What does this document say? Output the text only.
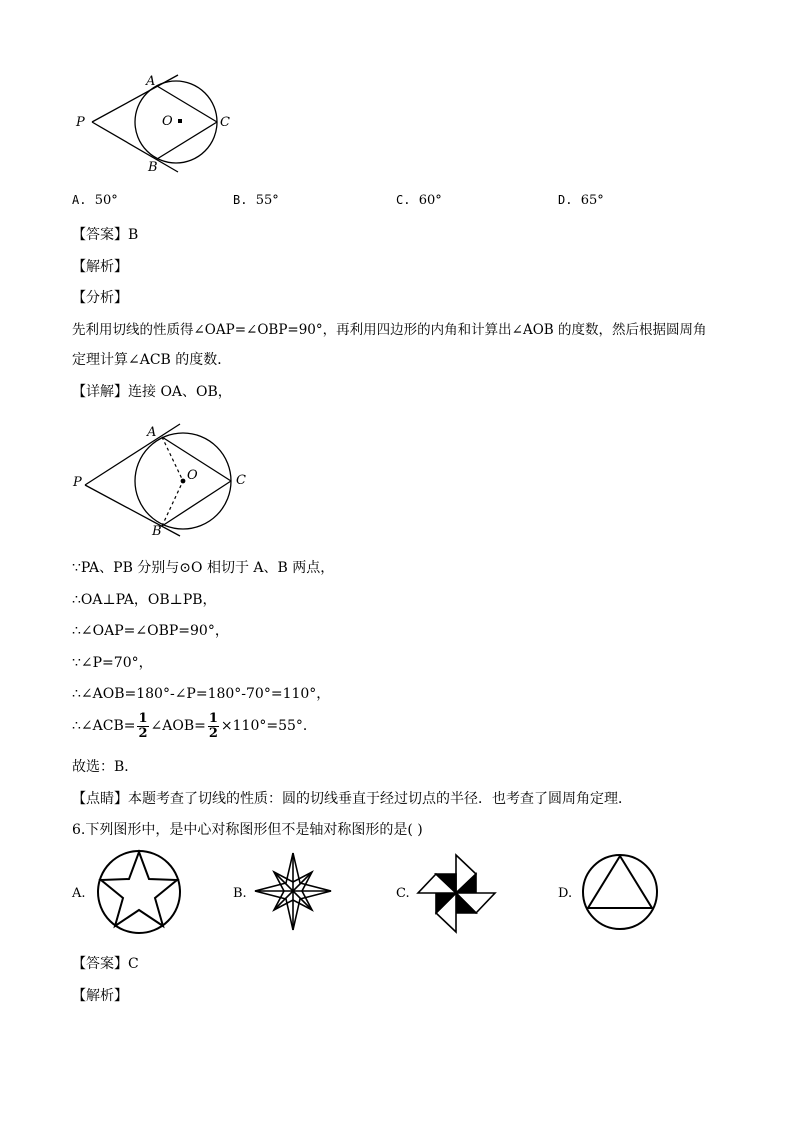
A
P	O	C
B
A. 50°	B. 55°	C. 60°	D. 65°
【答案】B
【解析】
【分析】
先利用切线的性质得∠OAP=∠OBP=90°，再利用四边形的内角和计算出∠AOB 的度数，然后根据圆周角
定理计算∠ACB 的度数．
【详解】连接 OA、OB，
A
P	O	C
B
∵PA、PB 分别与⊙O 相切于 A、B 两点，
∴OA⊥PA，OB⊥PB，
∴∠OAP=∠OBP=90°，
∵∠P=70°，
∴∠AOB=180°-∠P=180°-70°=110°，
∴∠ACB= $\frac{1}{2}$ ∠AOB= $\frac{1}{2} \times 110^\circ=55^\circ$．
故选：B．
【点睛】本题考查了切线的性质：圆的切线垂直于经过切点的半径．也考查了圆周角定理．
6.下列图形中，是中心对称图形但不是轴对称图形的是( )
A.	B.	C.	D.
【答案】C
【解析】
